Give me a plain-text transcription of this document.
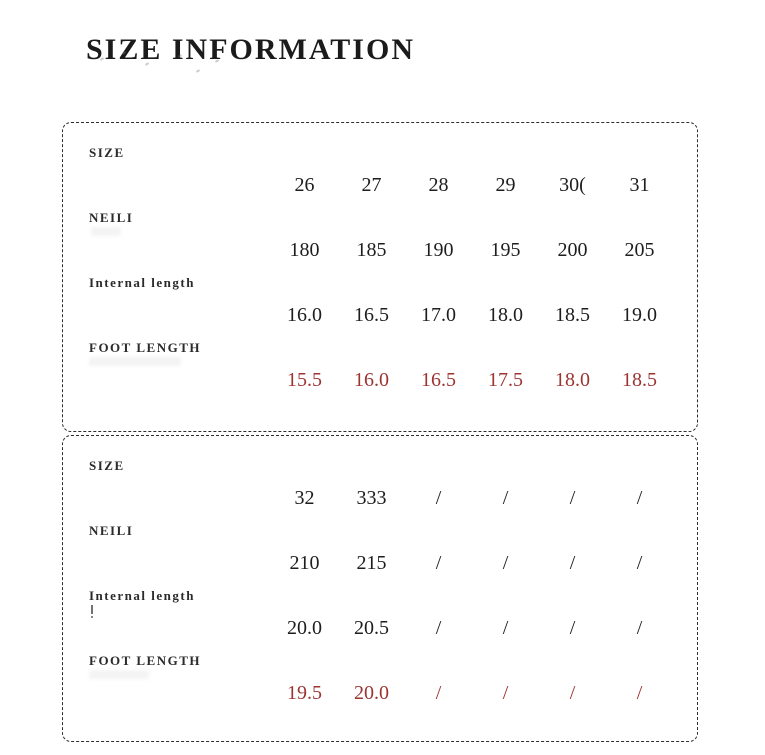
SIZE INFORMATION
SIZE
26	27	28	29	30(	31
NEILI
180	185	190	195	200	205
Internal length
16.0	16.5	17.0	18.0	18.5	19.0
FOOT LENGTH
15.5	16.0	16.5	17.5	18.0	18.5
SIZE
32	333	/	/	/	/
NEILI
210	215	/	/	/	/
Internal length
20.0	20.5	/	/	/	/
FOOT LENGTH
19.5	20.0	/	/	/	/
